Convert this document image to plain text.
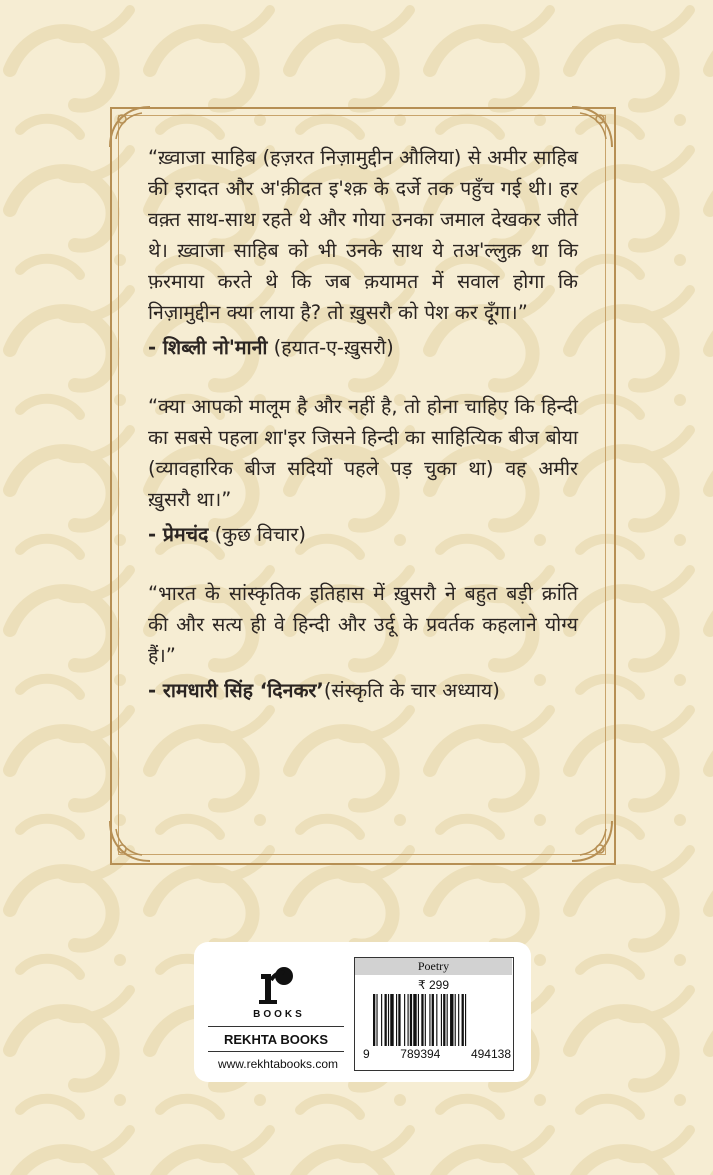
“ख़्वाजा साहिब (हज़रत निज़ामुद्दीन औलिया) से अमीर साहिब की इरादत और अ'क़ीदत इ'श्क़ के दर्जे तक पहुँच गई थी। हर वक़्त साथ-साथ रहते थे और गोया उनका जमाल देखकर जीते थे। ख़्वाजा साहिब को भी उनके साथ ये तअ'ल्लुक़ था कि फ़रमाया करते थे कि जब क़यामत में सवाल होगा कि निज़ामुद्दीन क्या लाया है? तो ख़ुसरौ को पेश कर दूँगा।”

- शिब्ली नो'मानी (हयात-ए-ख़ुसरौ)

“क्या आपको मालूम है और नहीं है, तो होना चाहिए कि हिन्दी का सबसे पहला शा'इर जिसने हिन्दी का साहित्यिक बीज बोया (व्यावहारिक बीज सदियों पहले पड़ चुका था) वह अमीर ख़ुसरौ था।”

- प्रेमचंद (कुछ विचार)

“भारत के सांस्कृतिक इतिहास में ख़ुसरौ ने बहुत बड़ी क्रांति की और सत्य ही वे हिन्दी और उर्दू के प्रवर्तक कहलाने योग्य हैं।”

- रामधारी सिंह ‘दिनकर’(संस्कृति के चार अध्याय)

BOOKS
REKHTA BOOKS
www.rekhtabooks.com
Poetry
₹ 299
9	789394	494138
